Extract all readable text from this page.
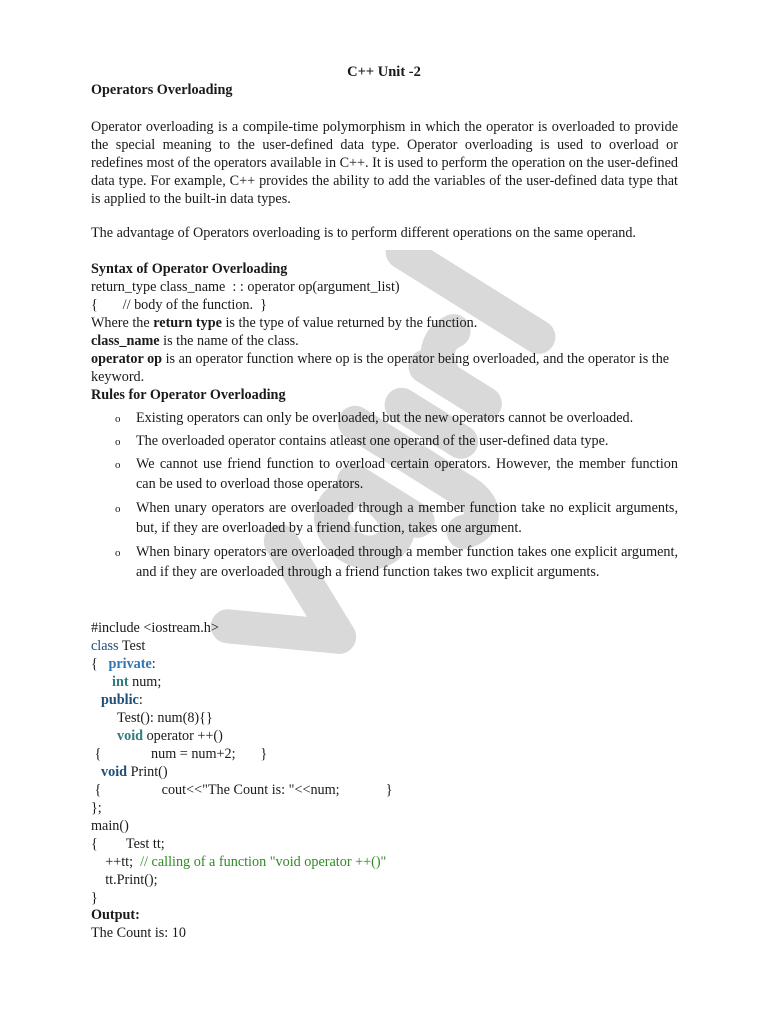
C++ Unit -2
Operators Overloading
Operator overloading is a compile-time polymorphism in which the operator is overloaded to provide the special meaning to the user-defined data type. Operator overloading is used to overload or redefines most of the operators available in C++. It is used to perform the operation on the user-defined data type. For example, C++ provides the ability to add the variables of the user-defined data type that is applied to the built-in data types.
The advantage of Operators overloading is to perform different operations on the same operand.
Syntax of Operator Overloading
return_type class_name  : : operator op(argument_list)
{       // body of the function.  }
Where the return type is the type of value returned by the function.
class_name is the name of the class.
operator op is an operator function where op is the operator being overloaded, and the operator is the keyword.
Rules for Operator Overloading
o Existing operators can only be overloaded, but the new operators cannot be overloaded.
o The overloaded operator contains atleast one operand of the user-defined data type.
o We cannot use friend function to overload certain operators. However, the member function can be used to overload those operators.
o When unary operators are overloaded through a member function take no explicit arguments, but, if they are overloaded by a friend function, takes one argument.
o When binary operators are overloaded through a member function takes one explicit argument, and if they are overloaded through a friend function takes two explicit arguments.
#include <iostream.h>
class Test
{   private:
int num;
public:
Test(): num(8){}
void operator ++()
{              num = num+2;       }
void Print()
{                 cout<<"The Count is: "<<num;             }
};
main()
{        Test tt;
++tt;  // calling of a function "void operator ++()"
tt.Print();
}
Output:
The Count is: 10
